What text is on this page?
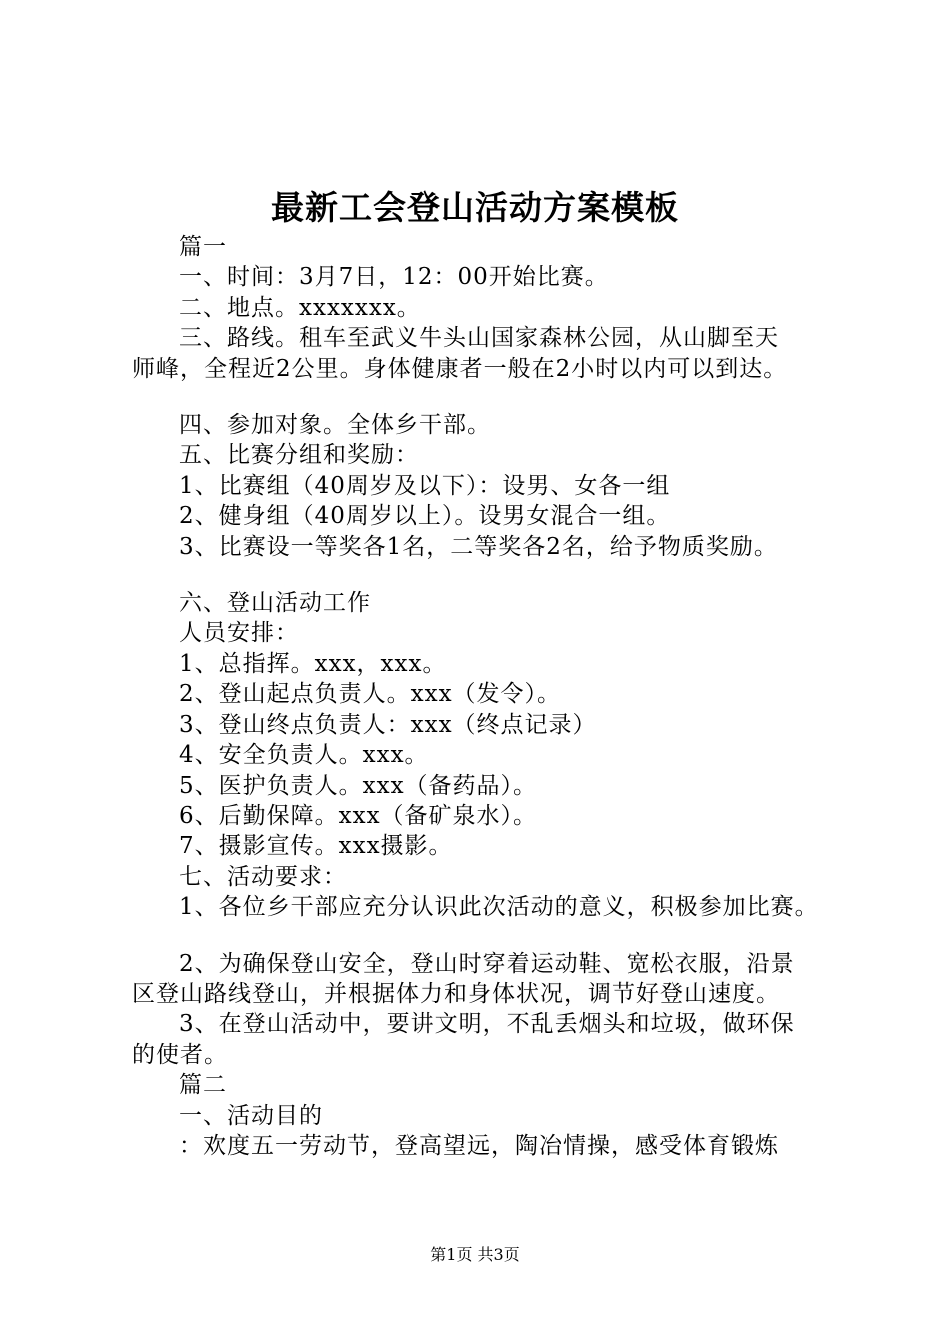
最新工会登山活动方案模板
篇一
一、时间：3月7日，12：00开始比赛。
二、地点。xxxxxxx。
三、路线。租车至武义牛头山国家森林公园，从山脚至天
师峰，全程近2公里。身体健康者一般在2小时以内可以到达。
四、参加对象。全体乡干部。
五、比赛分组和奖励：
1、比赛组（40周岁及以下）：设男、女各一组
2、健身组（40周岁以上）。设男女混合一组。
3、比赛设一等奖各1名，二等奖各2名，给予物质奖励。
六、登山活动工作
人员安排：
1、总指挥。xxx，xxx。
2、登山起点负责人。xxx（发令）。
3、登山终点负责人：xxx（终点记录）
4、安全负责人。xxx。
5、医护负责人。xxx（备药品）。
6、后勤保障。xxx（备矿泉水）。
7、摄影宣传。xxx摄影。
七、活动要求：
1、各位乡干部应充分认识此次活动的意义，积极参加比赛。
2、为确保登山安全，登山时穿着运动鞋、宽松衣服，沿景
区登山路线登山，并根据体力和身体状况，调节好登山速度。
3、在登山活动中，要讲文明，不乱丢烟头和垃圾，做环保
的使者。
篇二
一、活动目的
：欢度五一劳动节，登高望远，陶冶情操，感受体育锻炼
第1页 共3页
